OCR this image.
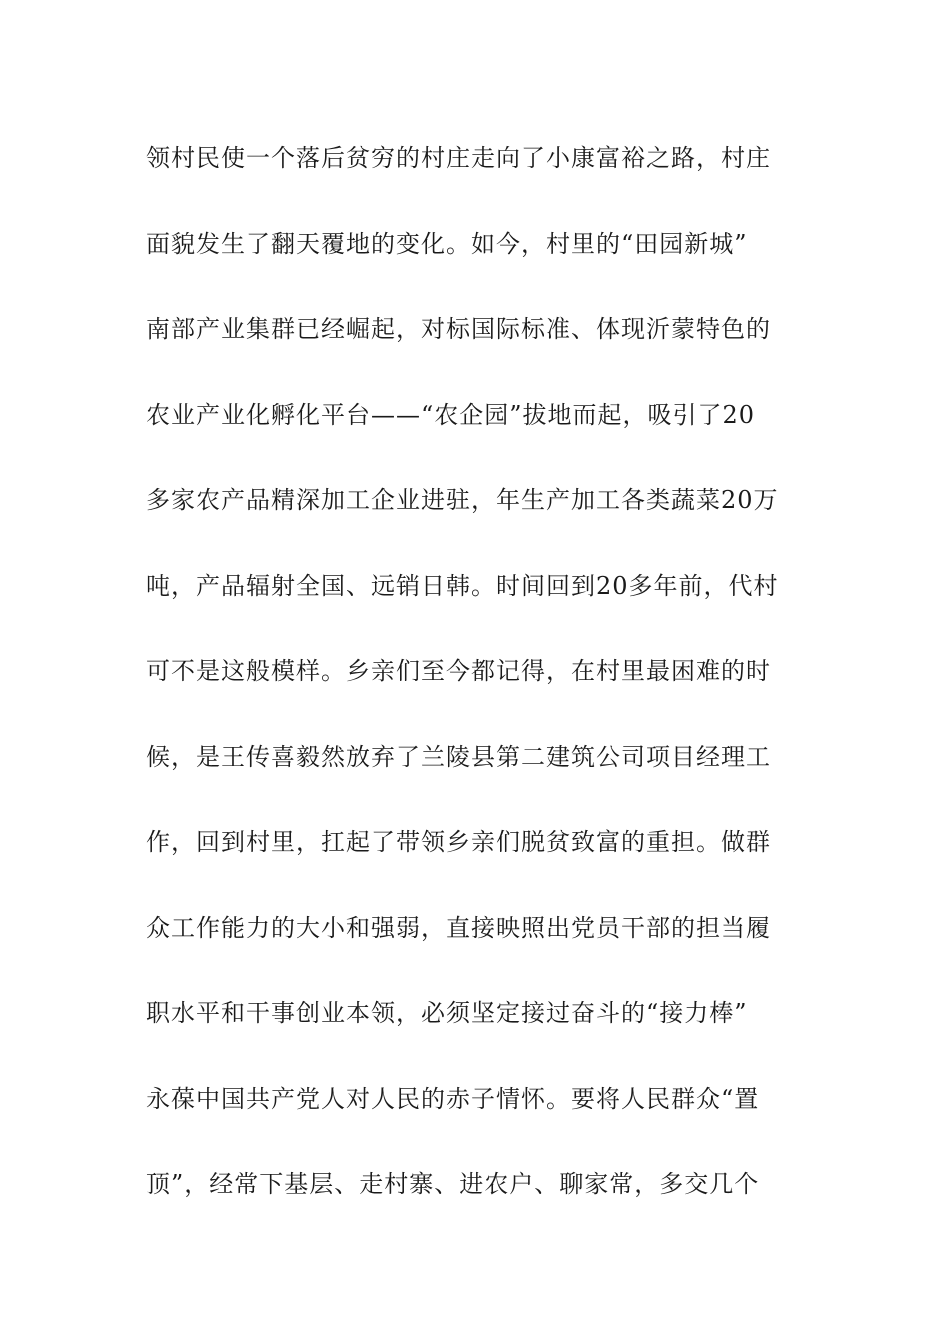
领村民使一个落后贫穷的村庄走向了小康富裕之路，村庄
面貌发生了翻天覆地的变化。如今，村里的“田园新城”
南部产业集群已经崛起，对标国际标准、体现沂蒙特色的
农业产业化孵化平台——“农企园”拔地而起，吸引了20
多家农产品精深加工企业进驻，年生产加工各类蔬菜20万
吨，产品辐射全国、远销日韩。时间回到20多年前，代村
可不是这般模样。乡亲们至今都记得，在村里最困难的时
候，是王传喜毅然放弃了兰陵县第二建筑公司项目经理工
作，回到村里，扛起了带领乡亲们脱贫致富的重担。做群
众工作能力的大小和强弱，直接映照出党员干部的担当履
职水平和干事创业本领，必须坚定接过奋斗的“接力棒”
永葆中国共产党人对人民的赤子情怀。要将人民群众“置
顶”，经常下基层、走村寨、进农户、聊家常，多交几个
